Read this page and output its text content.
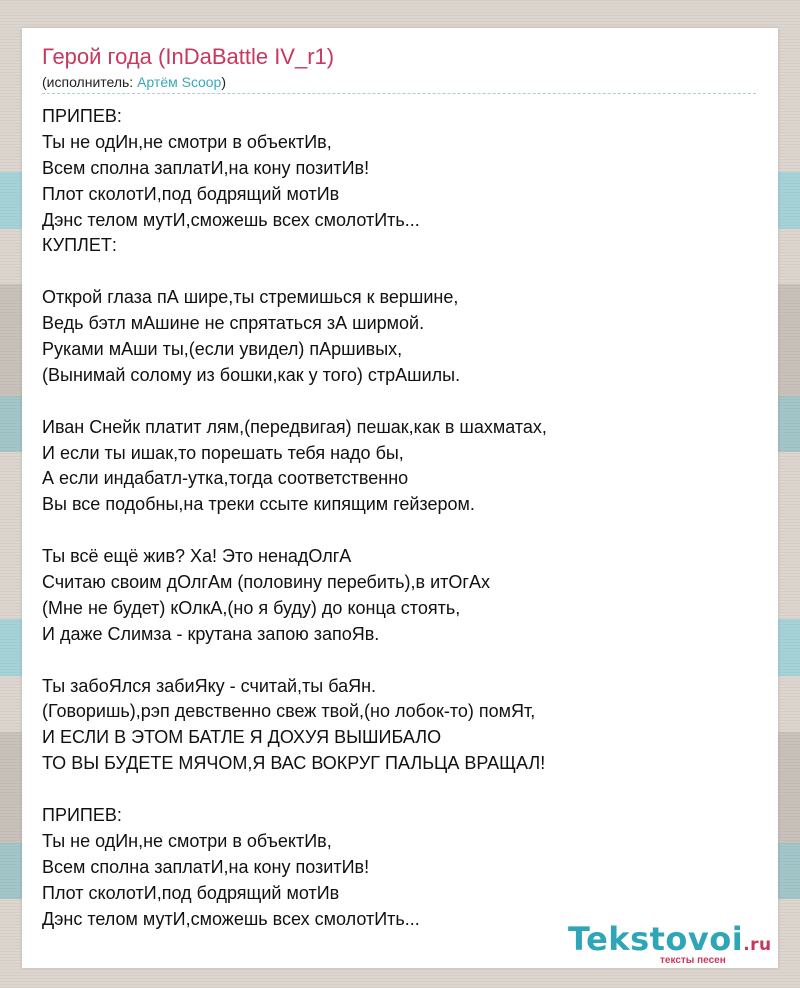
Герой года (InDaBattle IV_r1)
(исполнитель: Артём Scoop)
ПРИПЕВ:
Ты не одИн,не смотри в объектИв,
Всем сполна заплатИ,на кону позитИв!
Плот сколотИ,под бодрящий мотИв
Дэнс телом мутИ,сможешь всех смолотИть...
КУПЛЕТ:
Открой глаза пА шире,ты стремишься к вершине,
Ведь бэтл мАшине не спрятаться зА ширмой.
Руками мАши ты,(если увидел) пАршивых,
(Вынимай солому из бошки,как у того) стрАшилы.
Иван Снейк платит лям,(передвигая) пешак,как в шахматах,
И если ты ишак,то порешать тебя надо бы,
А если индабатл-утка,тогда соответственно
Вы все подобны,на треки ссыте кипящим гейзером.
Ты всё ещё жив? Ха! Это ненадОлгА
Считаю своим дОлгАм (половину перебить),в итОгАх
(Мне не будет) кОлкА,(но я буду) до конца стоять,
И даже Слимза - крутана запою запоЯв.
Ты забоЯлся забиЯку - считай,ты баЯн.
(Говоришь),рэп девственно свеж твой,(но лобок-то) помЯт,
И ЕСЛИ В ЭТОМ БАТЛЕ Я ДОХУЯ ВЫШИБАЛО
ТО ВЫ БУДЕТЕ МЯЧОМ,Я ВАС ВОКРУГ ПАЛЬЦА ВРАЩАЛ!
ПРИПЕВ:
Ты не одИн,не смотри в объектИв,
Всем сполна заплатИ,на кону позитИв!
Плот сколотИ,под бодрящий мотИв
Дэнс телом мутИ,сможешь всех смолотИть...
Tekstovoi.ru
тексты песен
